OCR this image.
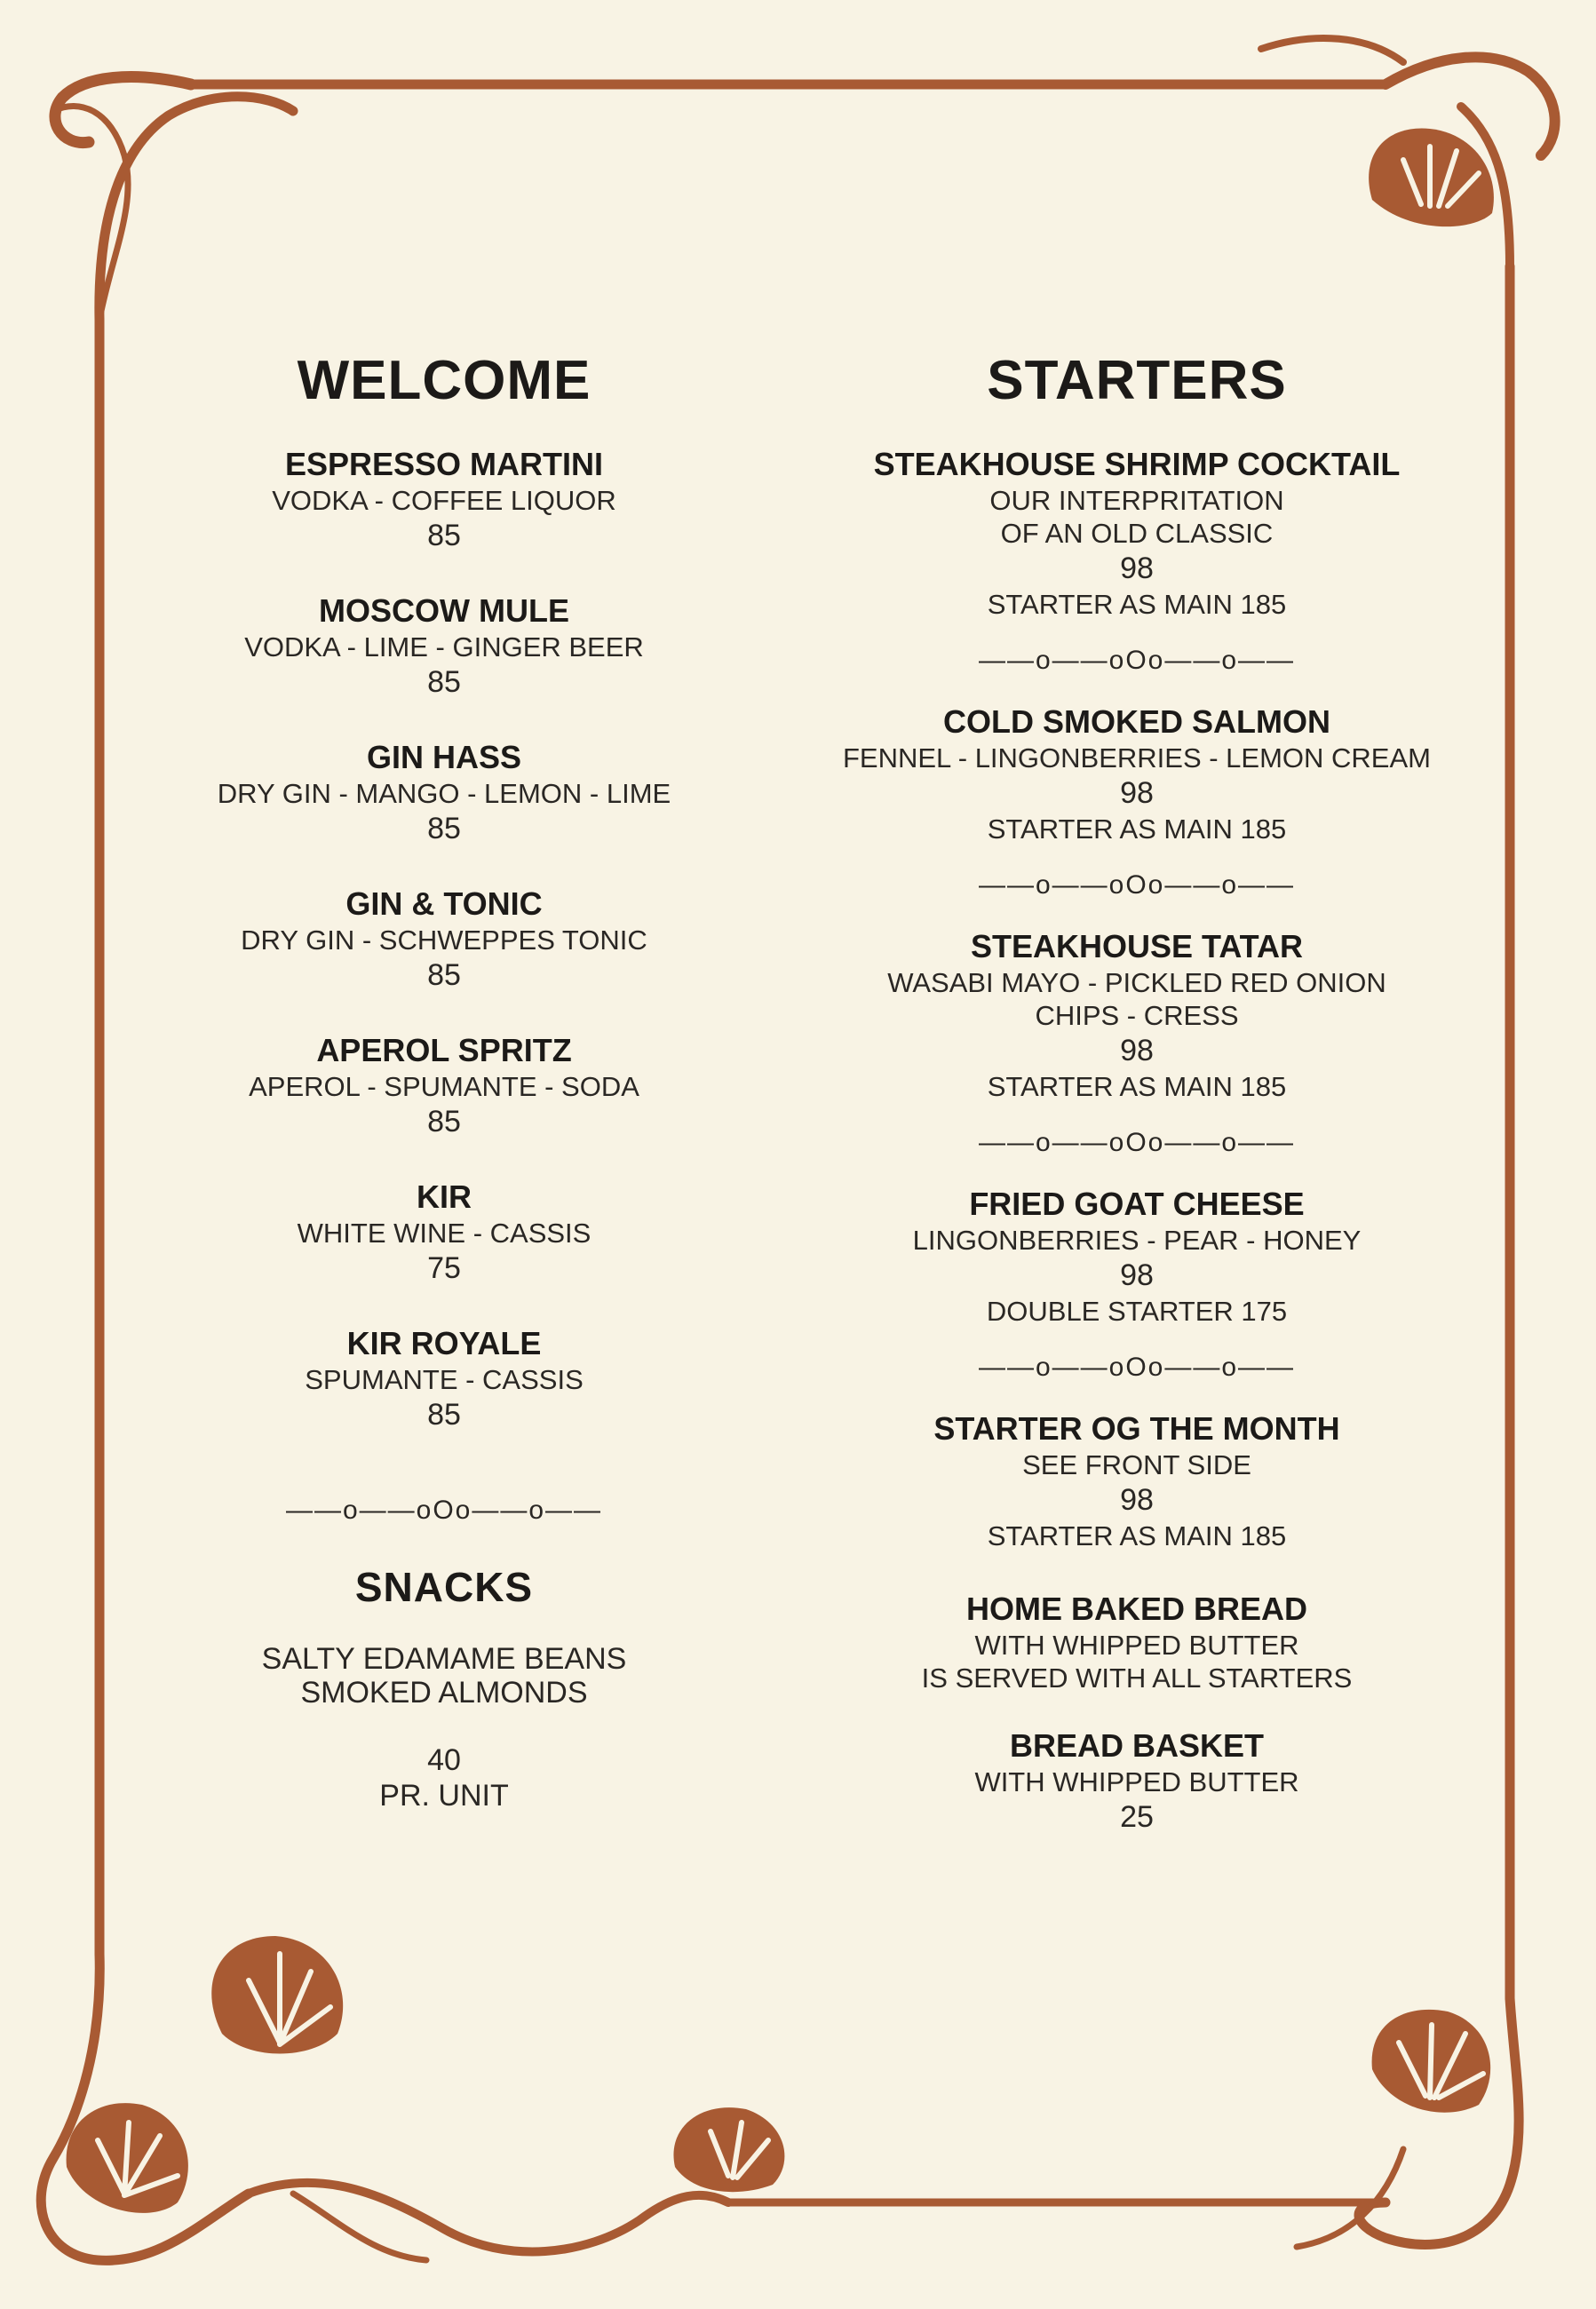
WELCOME
ESPRESSO MARTINI
VODKA - COFFEE LIQUOR
85
MOSCOW MULE
VODKA - LIME - GINGER BEER
85
GIN HASS
DRY GIN - MANGO - LEMON - LIME
85
GIN & TONIC
DRY GIN - SCHWEPPES TONIC
85
APEROL SPRITZ
APEROL - SPUMANTE - SODA
85
KIR
WHITE WINE - CASSIS
75
KIR ROYALE
SPUMANTE - CASSIS
85
——o——oOo——o——
SNACKS
SALTY EDAMAME BEANS
SMOKED ALMONDS
40
PR. UNIT
STARTERS
STEAKHOUSE SHRIMP COCKTAIL
OUR INTERPRITATION
OF AN OLD CLASSIC
98
STARTER AS MAIN 185
——o——oOo——o——
COLD SMOKED SALMON
FENNEL - LINGONBERRIES - LEMON CREAM
98
STARTER AS MAIN 185
——o——oOo——o——
STEAKHOUSE TATAR
WASABI MAYO - PICKLED RED ONION
CHIPS - CRESS
98
STARTER AS MAIN 185
——o——oOo——o——
FRIED GOAT CHEESE
LINGONBERRIES - PEAR - HONEY
98
DOUBLE STARTER 175
——o——oOo——o——
STARTER OG THE MONTH
SEE FRONT SIDE
98
STARTER AS MAIN 185
HOME BAKED BREAD
WITH WHIPPED BUTTER
IS SERVED WITH ALL STARTERS
BREAD BASKET
WITH WHIPPED BUTTER
25
